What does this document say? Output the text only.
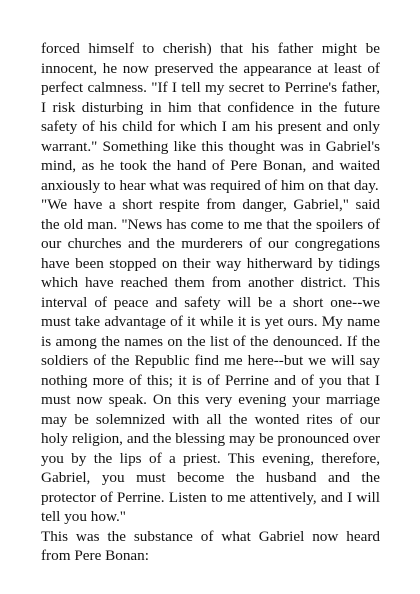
forced himself to cherish) that his father might be innocent, he now preserved the appearance at least of perfect calmness. "If I tell my secret to Perrine's father, I risk disturbing in him that confidence in the future safety of his child for which I am his present and only warrant." Something like this thought was in Gabriel's mind, as he took the hand of Pere Bonan, and waited anxiously to hear what was required of him on that day.

"We have a short respite from danger, Gabriel," said the old man. "News has come to me that the spoilers of our churches and the murderers of our congregations have been stopped on their way hitherward by tidings which have reached them from another district. This interval of peace and safety will be a short one--we must take advantage of it while it is yet ours. My name is among the names on the list of the denounced. If the soldiers of the Republic find me here--but we will say nothing more of this; it is of Perrine and of you that I must now speak. On this very evening your marriage may be solemnized with all the wonted rites of our holy religion, and the blessing may be pronounced over you by the lips of a priest. This evening, therefore, Gabriel, you must become the husband and the protector of Perrine. Listen to me attentively, and I will tell you how."

This was the substance of what Gabriel now heard from Pere Bonan:
